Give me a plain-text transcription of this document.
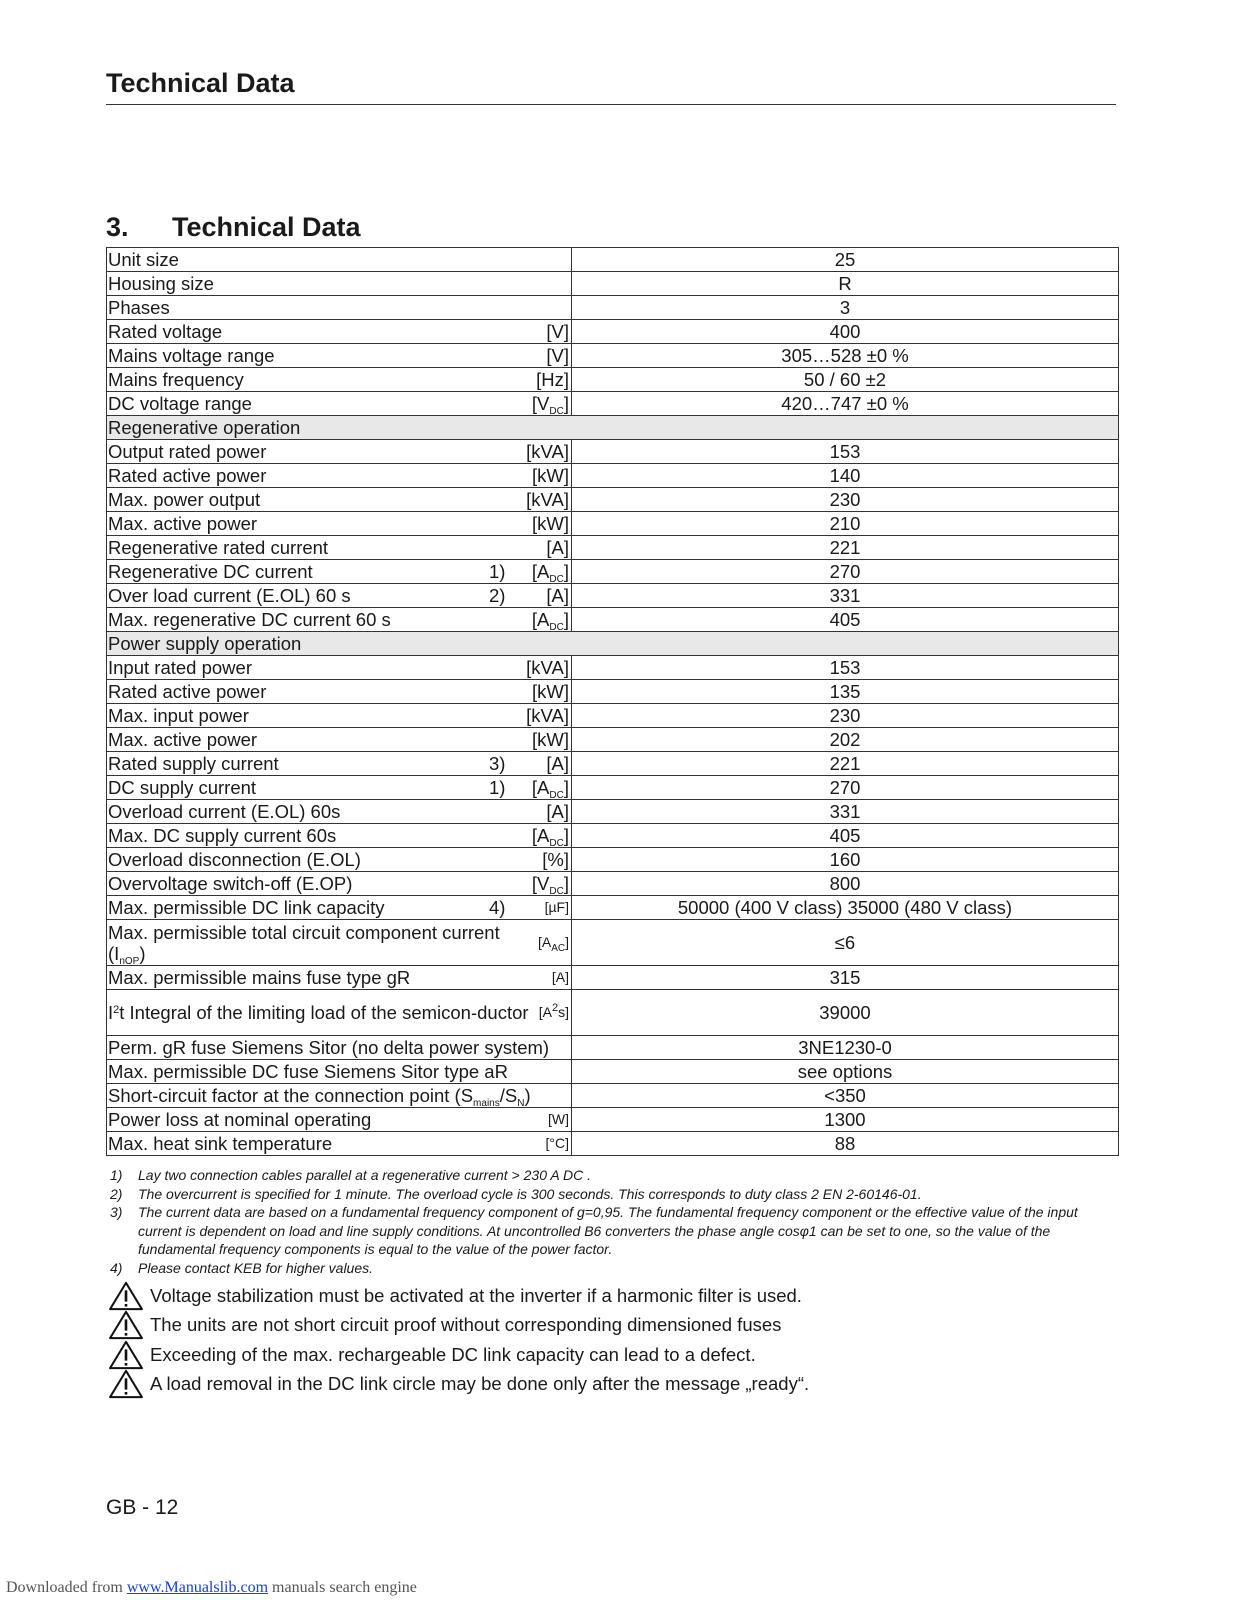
Technical Data
3. Technical Data
Unit size	25

Housing size	R

Phases	3

Rated voltage [V]	400

Mains voltage range [V]	305…528 ±0 %

Mains frequency [Hz]	50 / 60 ±2

DC voltage range $[V_{DC}]$	420…747 ±0 %
Regenerative operation	

Output rated power [kVA]	153

Rated active power [kW]	140

Max. power output [kVA]	230

Max. active power [kW]	210

Regenerative rated current [A]	221

Regenerative DC current 1) $[A_{DC}]$	270

Over load current (E.OL) 60 s 2) [A]	331

Max. regenerative DC current 60 s $[A_{DC}]$	405
Power supply operation	

Input rated power [kVA]	153

Rated active power [kW]	135

Max. input power [kVA]	230

Max. active power [kW]	202

Rated supply current 3) [A]	221

DC supply current 1) $[A_{DC}]$	270

Overload current (E.OL) 60s [A]	331

Max. DC supply current 60s $[A_{DC}]$	405

Overload disconnection (E.OL) [%]	160

Overvoltage switch-off (E.OP) $[V_{DC}]$	800

Max. permissible DC link capacity 4) [µF]	50000 (400 V class) 35000 (480 V class)

Max. permissible total circuit component current $(I_{nOP})$
$[A_{AC}]$	≤6

Max. permissible mains fuse type gR [A]	315

$I^2t$ Integral of the limiting load of the semicon-ductor $[A^2s]$	39000

Perm. gR fuse Siemens Sitor (no delta power system)	3NE1230-0

Max. permissible DC fuse Siemens Sitor type aR	see options

Short-circuit factor at the connection point $(S_{mains}/S_N)$	<350

Power loss at nominal operating [W]	1300

Max. heat sink temperature [°C]	88
1)	Lay two connection cables parallel at a regenerative current > 230 A DC .
2)	The overcurrent is specified for 1 minute. The overload cycle is 300 seconds. This corresponds to duty class 2 EN 2-60146-01.
3)	The current data are based on a fundamental frequency component of g=0,95. The fundamental frequency component or the effective value of the input current is dependent on load and line supply conditions. At uncontrolled B6 converters the phase angle cosφ1 can be set to one, so the value of the fundamental frequency components is equal to the value of the power factor.
4)	Please contact KEB for higher values.
Voltage stabilization must be activated at the inverter if a harmonic filter is used.
The units are not short circuit proof without corresponding dimensioned fuses
Exceeding of the max. rechargeable DC link capacity can lead to a defect.
A load removal in the DC link circle may be done only after the message „ready“.
GB - 12
Downloaded from www.Manualslib.com manuals search engine
